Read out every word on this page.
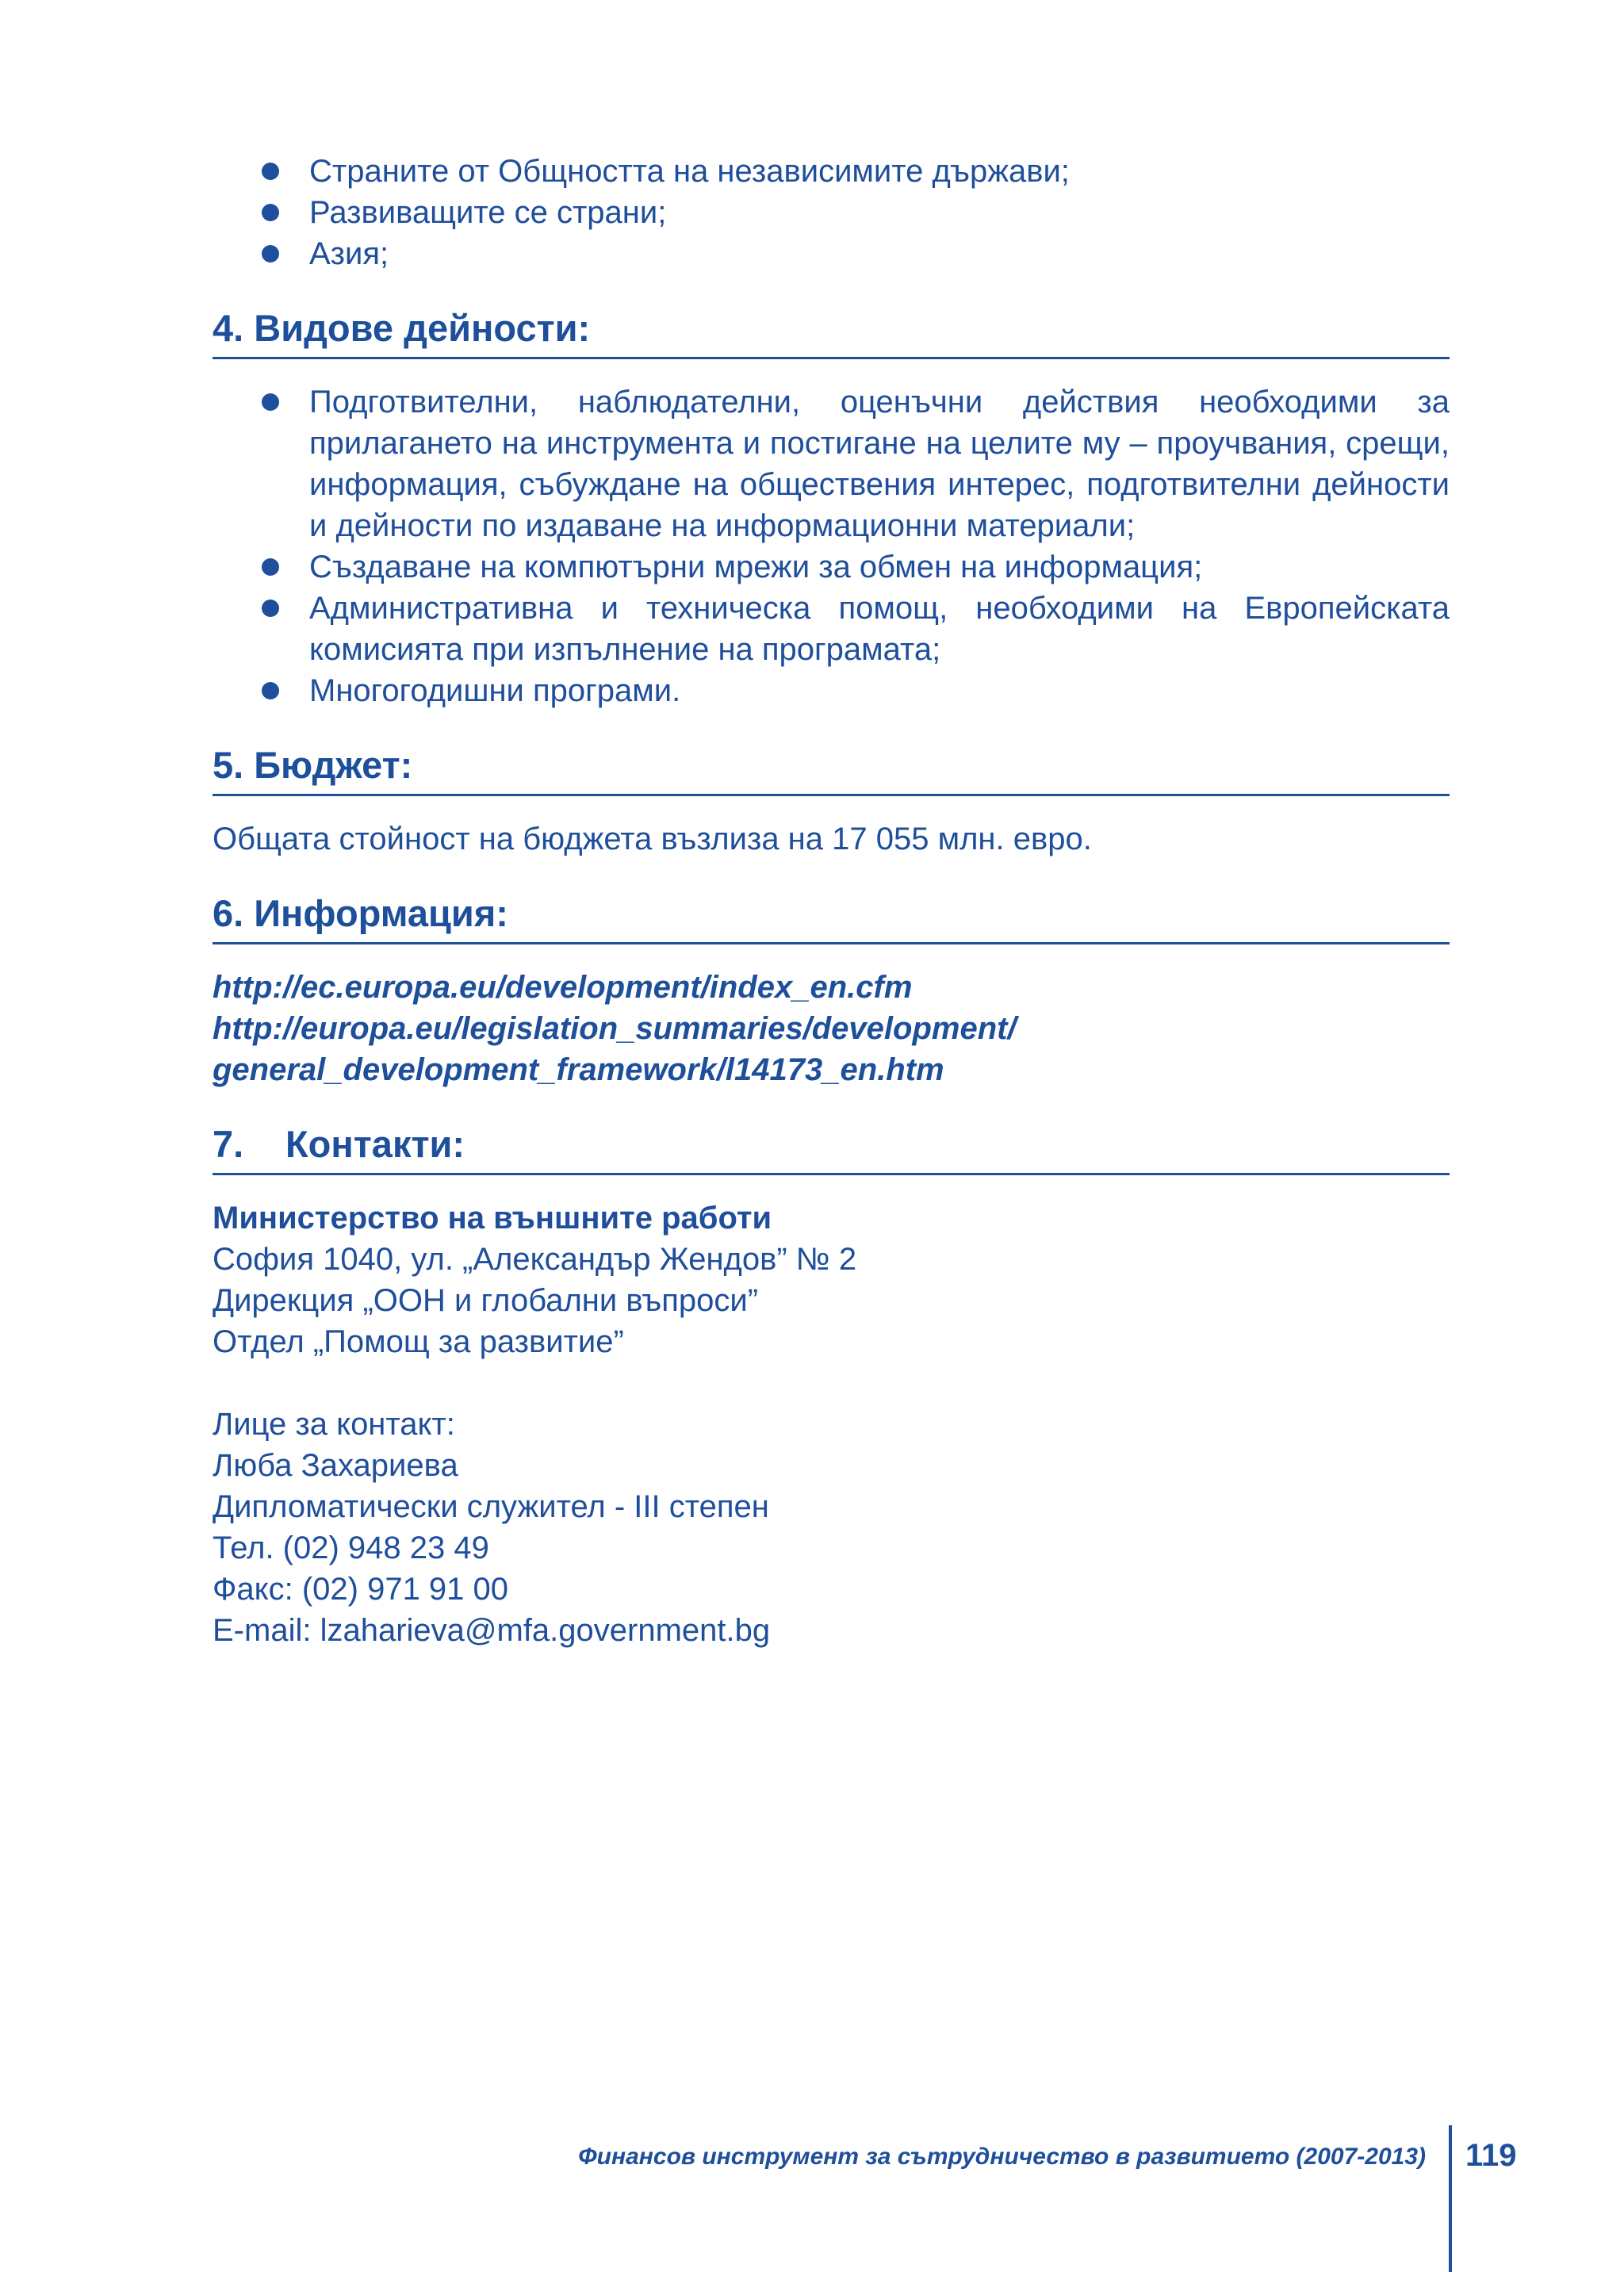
Страните от Общността на независимите държави;
Развиващите се страни;
Азия;
4. Видове дейности:
Подготвителни, наблюдателни, оценъчни действия необходими за прилагането на инструмента и постигане на целите му – проучвания, срещи, информация, събуждане на обществения интерес, подготвителни дейности и дейности по издаване на информационни материали;
Създаване на компютърни мрежи за обмен на информация;
Административна и техническа помощ, необходими на Европейската комисията при изпълнение на програмата;
Многогодишни програми.
5. Бюджет:
Общата стойност на бюджета възлиза на 17 055 млн. евро.
6. Информация:
http://ec.europa.eu/development/index_en.cfm
http://europa.eu/legislation_summaries/development/
general_development_framework/l14173_en.htm
7. Контакти:
Министерство на външните работи
София 1040, ул. „Александър Жендов” № 2
Дирекция „ООН и глобални въпроси”
Отдел „Помощ за развитие”
Лице за контакт:
Люба Захариева
Дипломатически служител - III степен
Тел. (02) 948 23 49
Факс: (02) 971 91 00
E-mail: lzaharieva@mfa.government.bg
Финансов инструмент за сътрудничество в развитието (2007-2013) 119
